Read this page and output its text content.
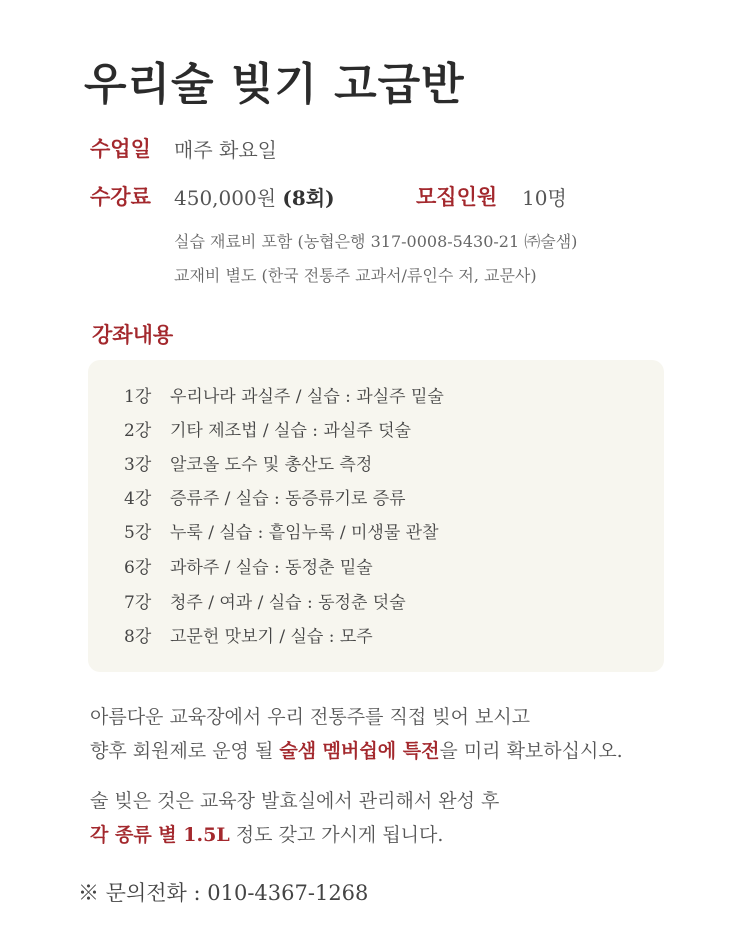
우리술 빚기 고급반
수업일 매주 화요일
수강료 450,000원 (8회)	모집인원 10명
실습 재료비 포함 (농협은행 317-0008-5430-21 ㈜술샘)
교재비 별도 (한국 전통주 교과서/류인수 저, 교문사)
강좌내용
1강 우리나라 과실주 / 실습 : 과실주 밑술
2강 기타 제조법 / 실습 : 과실주 덧술
3강 알코올 도수 및 총산도 측정
4강 증류주 / 실습 : 동증류기로 증류
5강 누룩 / 실습 : 흩임누룩 / 미생물 관찰
6강 과하주 / 실습 : 동정춘 밑술
7강 청주 / 여과 / 실습 : 동정춘 덧술
8강 고문헌 맛보기 / 실습 : 모주
아름다운 교육장에서 우리 전통주를 직접 빚어 보시고
향후 회원제로 운영 될 술샘 멤버쉽에 특전을 미리 확보하십시오.
술 빚은 것은 교육장 발효실에서 관리해서 완성 후
각 종류 별 1.5L 정도 갖고 가시게 됩니다.
※ 문의전화 : 010-4367-1268
